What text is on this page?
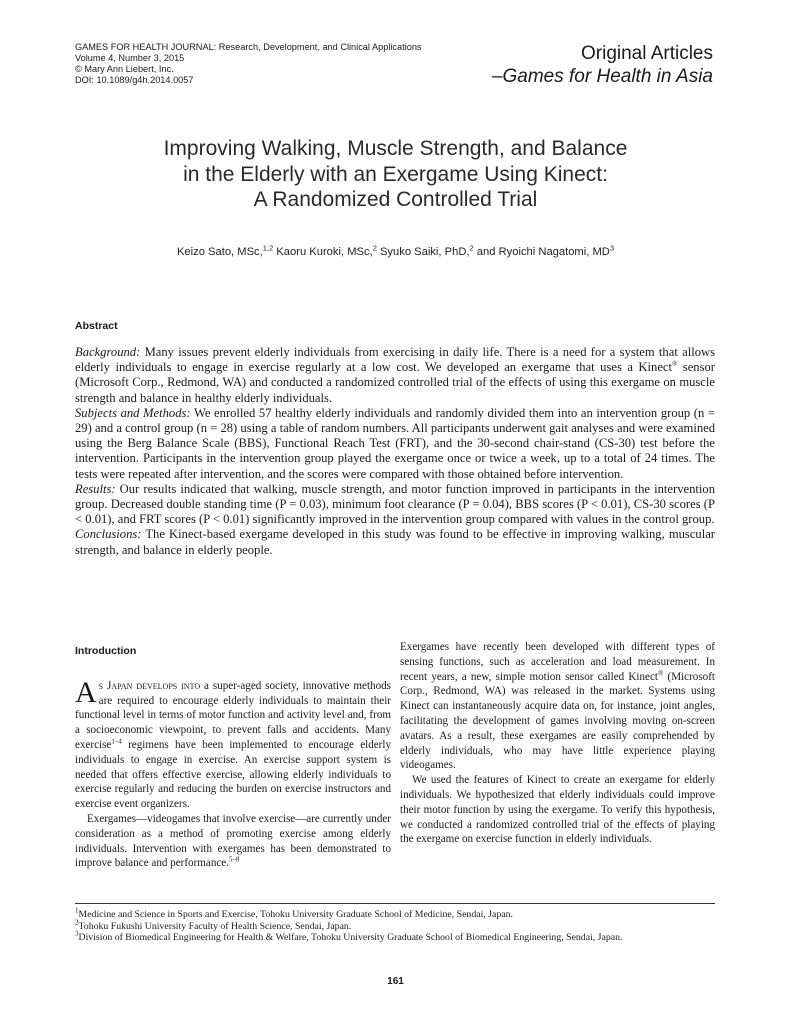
GAMES FOR HEALTH JOURNAL: Research, Development, and Clinical Applications
Volume 4, Number 3, 2015
© Mary Ann Liebert, Inc.
DOI: 10.1089/g4h.2014.0057
Original Articles
–Games for Health in Asia
Improving Walking, Muscle Strength, and Balance
in the Elderly with an Exergame Using Kinect:
A Randomized Controlled Trial
Keizo Sato, MSc,$^{1,2}$ Kaoru Kuroki, MSc,$^2$ Syuko Saiki, PhD,$^2$ and Ryoichi Nagatomi, $MD^3$
Abstract

Background: Many issues prevent elderly individuals from exercising in daily life. There is a need for a system that allows elderly individuals to engage in exercise regularly at a low cost. We developed an exergame that uses a Kinect® sensor (Microsoft Corp., Redmond, WA) and conducted a randomized controlled trial of the effects of using this exergame on muscle strength and balance in healthy elderly individuals.

Subjects and Methods: We enrolled 57 healthy elderly individuals and randomly divided them into an intervention group (n = 29) and a control group (n = 28) using a table of random numbers. All participants underwent gait analyses and were examined using the Berg Balance Scale (BBS), Functional Reach Test (FRT), and the 30-second chair-stand (CS-30) test before the intervention. Participants in the intervention group played the exergame once or twice a week, up to a total of 24 times. The tests were repeated after intervention, and the scores were compared with those obtained before intervention.

Results: Our results indicated that walking, muscle strength, and motor function improved in participants in the intervention group. Decreased double standing time (P = 0.03), minimum foot clearance (P = 0.04), BBS scores (P < 0.01), CS-30 scores (P < 0.01), and FRT scores (P < 0.01) significantly improved in the intervention group compared with values in the control group.

Conclusions: The Kinect-based exergame developed in this study was found to be effective in improving walking, muscular strength, and balance in elderly people.

Introduction

As Japan develops into a super-aged society, innovative methods are required to encourage elderly individuals to maintain their functional level in terms of motor function and activity level and, from a socioeconomic viewpoint, to prevent falls and accidents. Many exercise$^{1-4}$ regimens have been implemented to encourage elderly individuals to engage in exercise. An exercise support system is needed that offers effective exercise, allowing elderly individuals to exercise regularly and reducing the burden on exercise instructors and exercise event organizers.

Exergames—videogames that involve exercise—are currently under consideration as a method of promoting exercise among elderly individuals. Intervention with exergames has been demonstrated to improve balance and performance.$^{5-8}$

Exergames have recently been developed with different types of sensing functions, such as acceleration and load measurement. In recent years, a new, simple motion sensor called Kinect® (Microsoft Corp., Redmond, WA) was released in the market. Systems using Kinect can instantaneously acquire data on, for instance, joint angles, facilitating the development of games involving moving on-screen avatars. As a result, these exergames are easily comprehended by elderly individuals, who may have little experience playing videogames.

We used the features of Kinect to create an exergame for elderly individuals. We hypothesized that elderly individuals could improve their motor function by using the exergame. To verify this hypothesis, we conducted a randomized controlled trial of the effects of playing the exergame on exercise function in elderly individuals.

$^1$Medicine and Science in Sports and Exercise, Tohoku University Graduate School of Medicine, Sendai, Japan.

$^2$Tohoku Fukushi University Faculty of Health Science, Sendai, Japan.

$^3$Division of Biomedical Engineering for Health & Welfare, Tohoku University Graduate School of Biomedical Engineering, Sendai, Japan.

161
